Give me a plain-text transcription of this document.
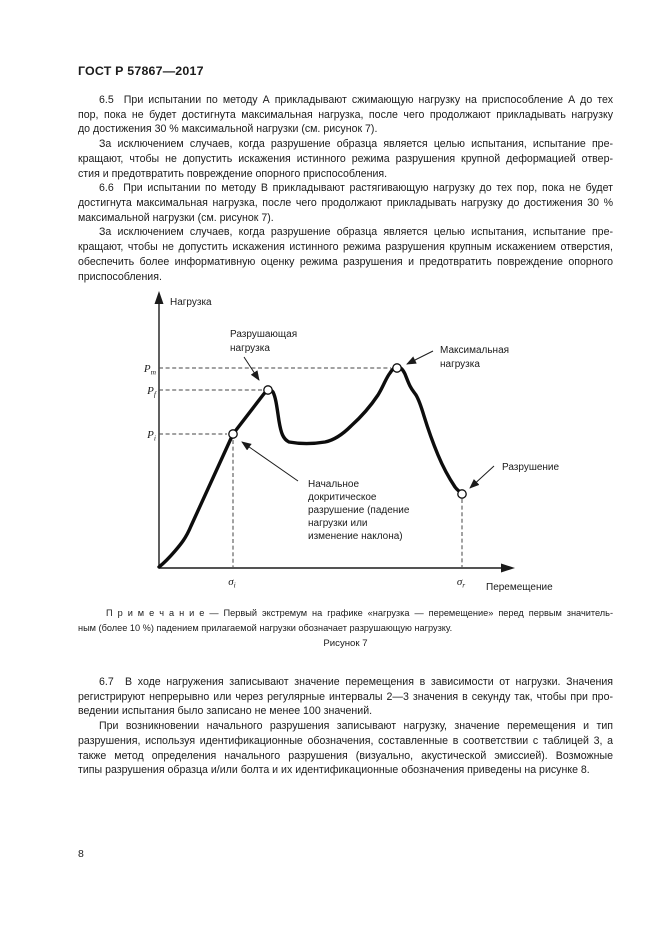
ГОСТ Р 57867—2017
6.5  При испытании по методу А прикладывают сжимающую нагрузку на приспособление А до тех
пор, пока не будет достигнута максимальная нагрузка, после чего продолжают прикладывать нагрузку
до достижения 30 % максимальной нагрузки (см. рисунок 7).
За исключением случаев, когда разрушение образца является целью испытания, испытание пре-
кращают, чтобы не допустить искажения истинного режима разрушения крупной деформацией отвер-
стия и предотвратить повреждение опорного приспособления.
6.6  При испытании по методу В прикладывают растягивающую нагрузку до тех пор, пока не будет
достигнута максимальная нагрузка, после чего продолжают прикладывать нагрузку до достижения 30 %
максимальной нагрузки (см. рисунок 7).
За исключением случаев, когда разрушение образца является целью испытания, испытание пре-
кращают, чтобы не допустить искажения истинного режима разрушения крупным искажением отверстия,
обеспечить более информативную оценку режима разрушения и предотвратить повреждение опорного
приспособления.
Нагрузка
Перемещение
$P_m$
$P_f$
$P_i$
$\sigma_i$	$\sigma_r$
Разрушающая
нагрузка	Максимальная
нагрузка
Разрушение
Начальное
докритическое
разрушение (падение
нагрузки или
изменение наклона)
П р и м е ч а н и е — Первый экстремум на графике «нагрузка — перемещение» перед первым значитель-
ным (более 10 %) падением прилагаемой нагрузки обозначает разрушающую нагрузку.
Рисунок 7
6.7  В ходе нагружения записывают значение перемещения в зависимости от нагрузки. Значения
регистрируют непрерывно или через регулярные интервалы 2—3 значения в секунду так, чтобы при про-
ведении испытания было записано не менее 100 значений.
При возникновении начального разрушения записывают нагрузку, значение перемещения и тип
разрушения, используя идентификационные обозначения, составленные в соответствии с таблицей 3, а
также метод определения начального разрушения (визуально, акустической эмиссией). Возможные
типы разрушения образца и/или болта и их идентификационные обозначения приведены на рисунке 8.
8
